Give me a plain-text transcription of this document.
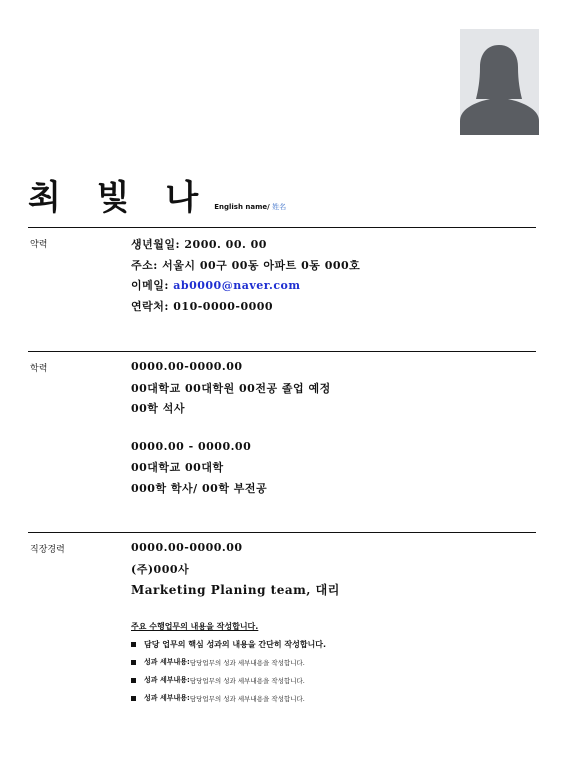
최 빛 나 English name/ 姓名
약력	생년월일: 2000. 00. 00
주소: 서울시 00구 00동 아파트 0동 000호
이메일: ab0000@naver.com
연락처: 010-0000-0000
학력	0000.00-0000.00
00대학교 00대학원 00전공 졸업 예정
00학 석사
0000.00 - 0000.00
00대학교 00대학
000학 학사/ 00학 부전공
직장경력	0000.00-0000.00
(주)000사
Marketing Planing team, 대리
주요 수행업무의 내용을 작성합니다.
담당 업무의 핵심 성과의 내용을 간단히 작성합니다.
성과 세부내용: 담당업무의 성과 세부내용을 작성합니다.
성과 세부내용: 담당업무의 성과 세부내용을 작성합니다.
성과 세부내용: 담당업무의 성과 세부내용을 작성합니다.
